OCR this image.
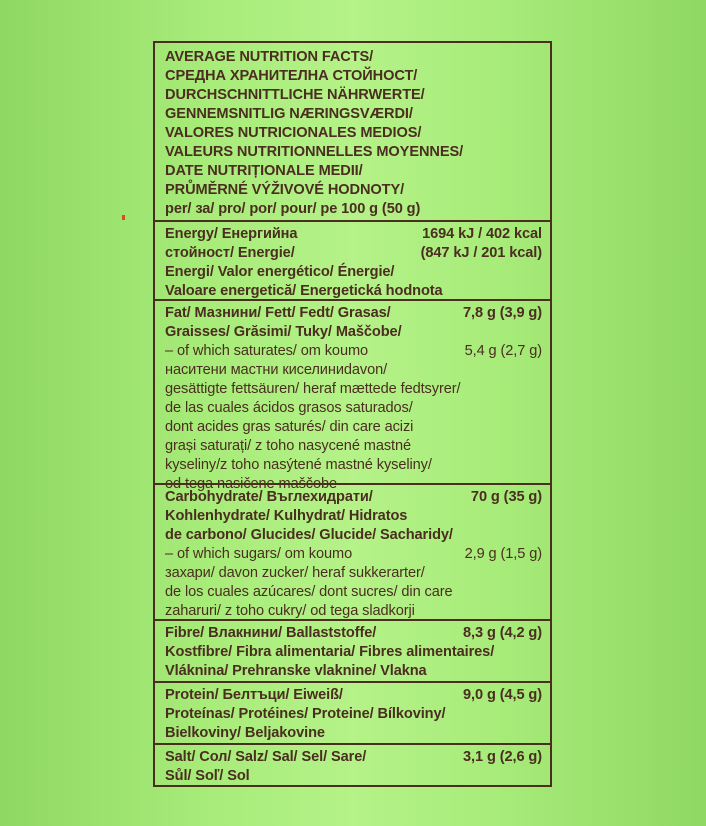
AVERAGE NUTRITION FACTS/
СРЕДНА ХРАНИТЕЛНА СТОЙНОСТ/
DURCHSCHNITTLICHE NÄHRWERTE/
GENNEMSNITLIG NÆRINGSVÆRDI/
VALORES NUTRICIONALES MEDIOS/
VALEURS NUTRITIONNELLES MOYENNES/
DATE NUTRIȚIONALE MEDII/
PRŮMĚRNÉ VÝŽIVOVÉ HODNOTY/
per/ за/ pro/ por/ pour/ pe 100 g (50 g)
Energy/ Енергийна	1694 kJ / 402 kcal
стойност/ Energie/	(847 kJ / 201 kcal)
Energi/ Valor energético/ Énergie/
Valoare energetică/ Energetická hodnota
Fat/ Мазнини/ Fett/ Fedt/ Grasas/	7,8 g (3,9 g)
Graisses/ Grăsimi/ Tuky/ Maščobe/
– of which saturates/ om koumo	5,4 g (2,7 g)
наситени мастни киселиниdavon/
gesättigte fettsäuren/ heraf mættede fedtsyrer/
de las cuales ácidos grasos saturados/
dont acides gras saturés/ din care acizi
grași saturați/ z toho nasycené mastné
kyseliny/z toho nasýtené mastné kyseliny/
od tega nasičene maščobe
Carbohydrate/ Въглехидрати/	70 g (35 g)
Kohlenhydrate/ Kulhydrat/ Hidratos
de carbono/ Glucides/ Glucide/ Sacharidy/
– of which sugars/ om koumo	2,9 g (1,5 g)
захари/ davon zucker/ heraf sukkerarter/
de los cuales azúcares/ dont sucres/ din care
zaharuri/ z toho cukry/ od tega sladkorji
Fibre/ Влакнини/ Ballaststoffe/	8,3 g (4,2 g)
Kostfibre/ Fibra alimentaria/ Fibres alimentaires/
Vláknina/ Prehranske vlaknine/ Vlakna
Protein/ Белтъци/ Eiweiß/	9,0 g (4,5 g)
Proteínas/ Protéines/ Proteine/ Bílkoviny/
Bielkoviny/ Beljakovine
Salt/ Сол/ Salz/ Sal/ Sel/ Sare/	3,1 g (2,6 g)
Sůl/ Soľ/ Sol
